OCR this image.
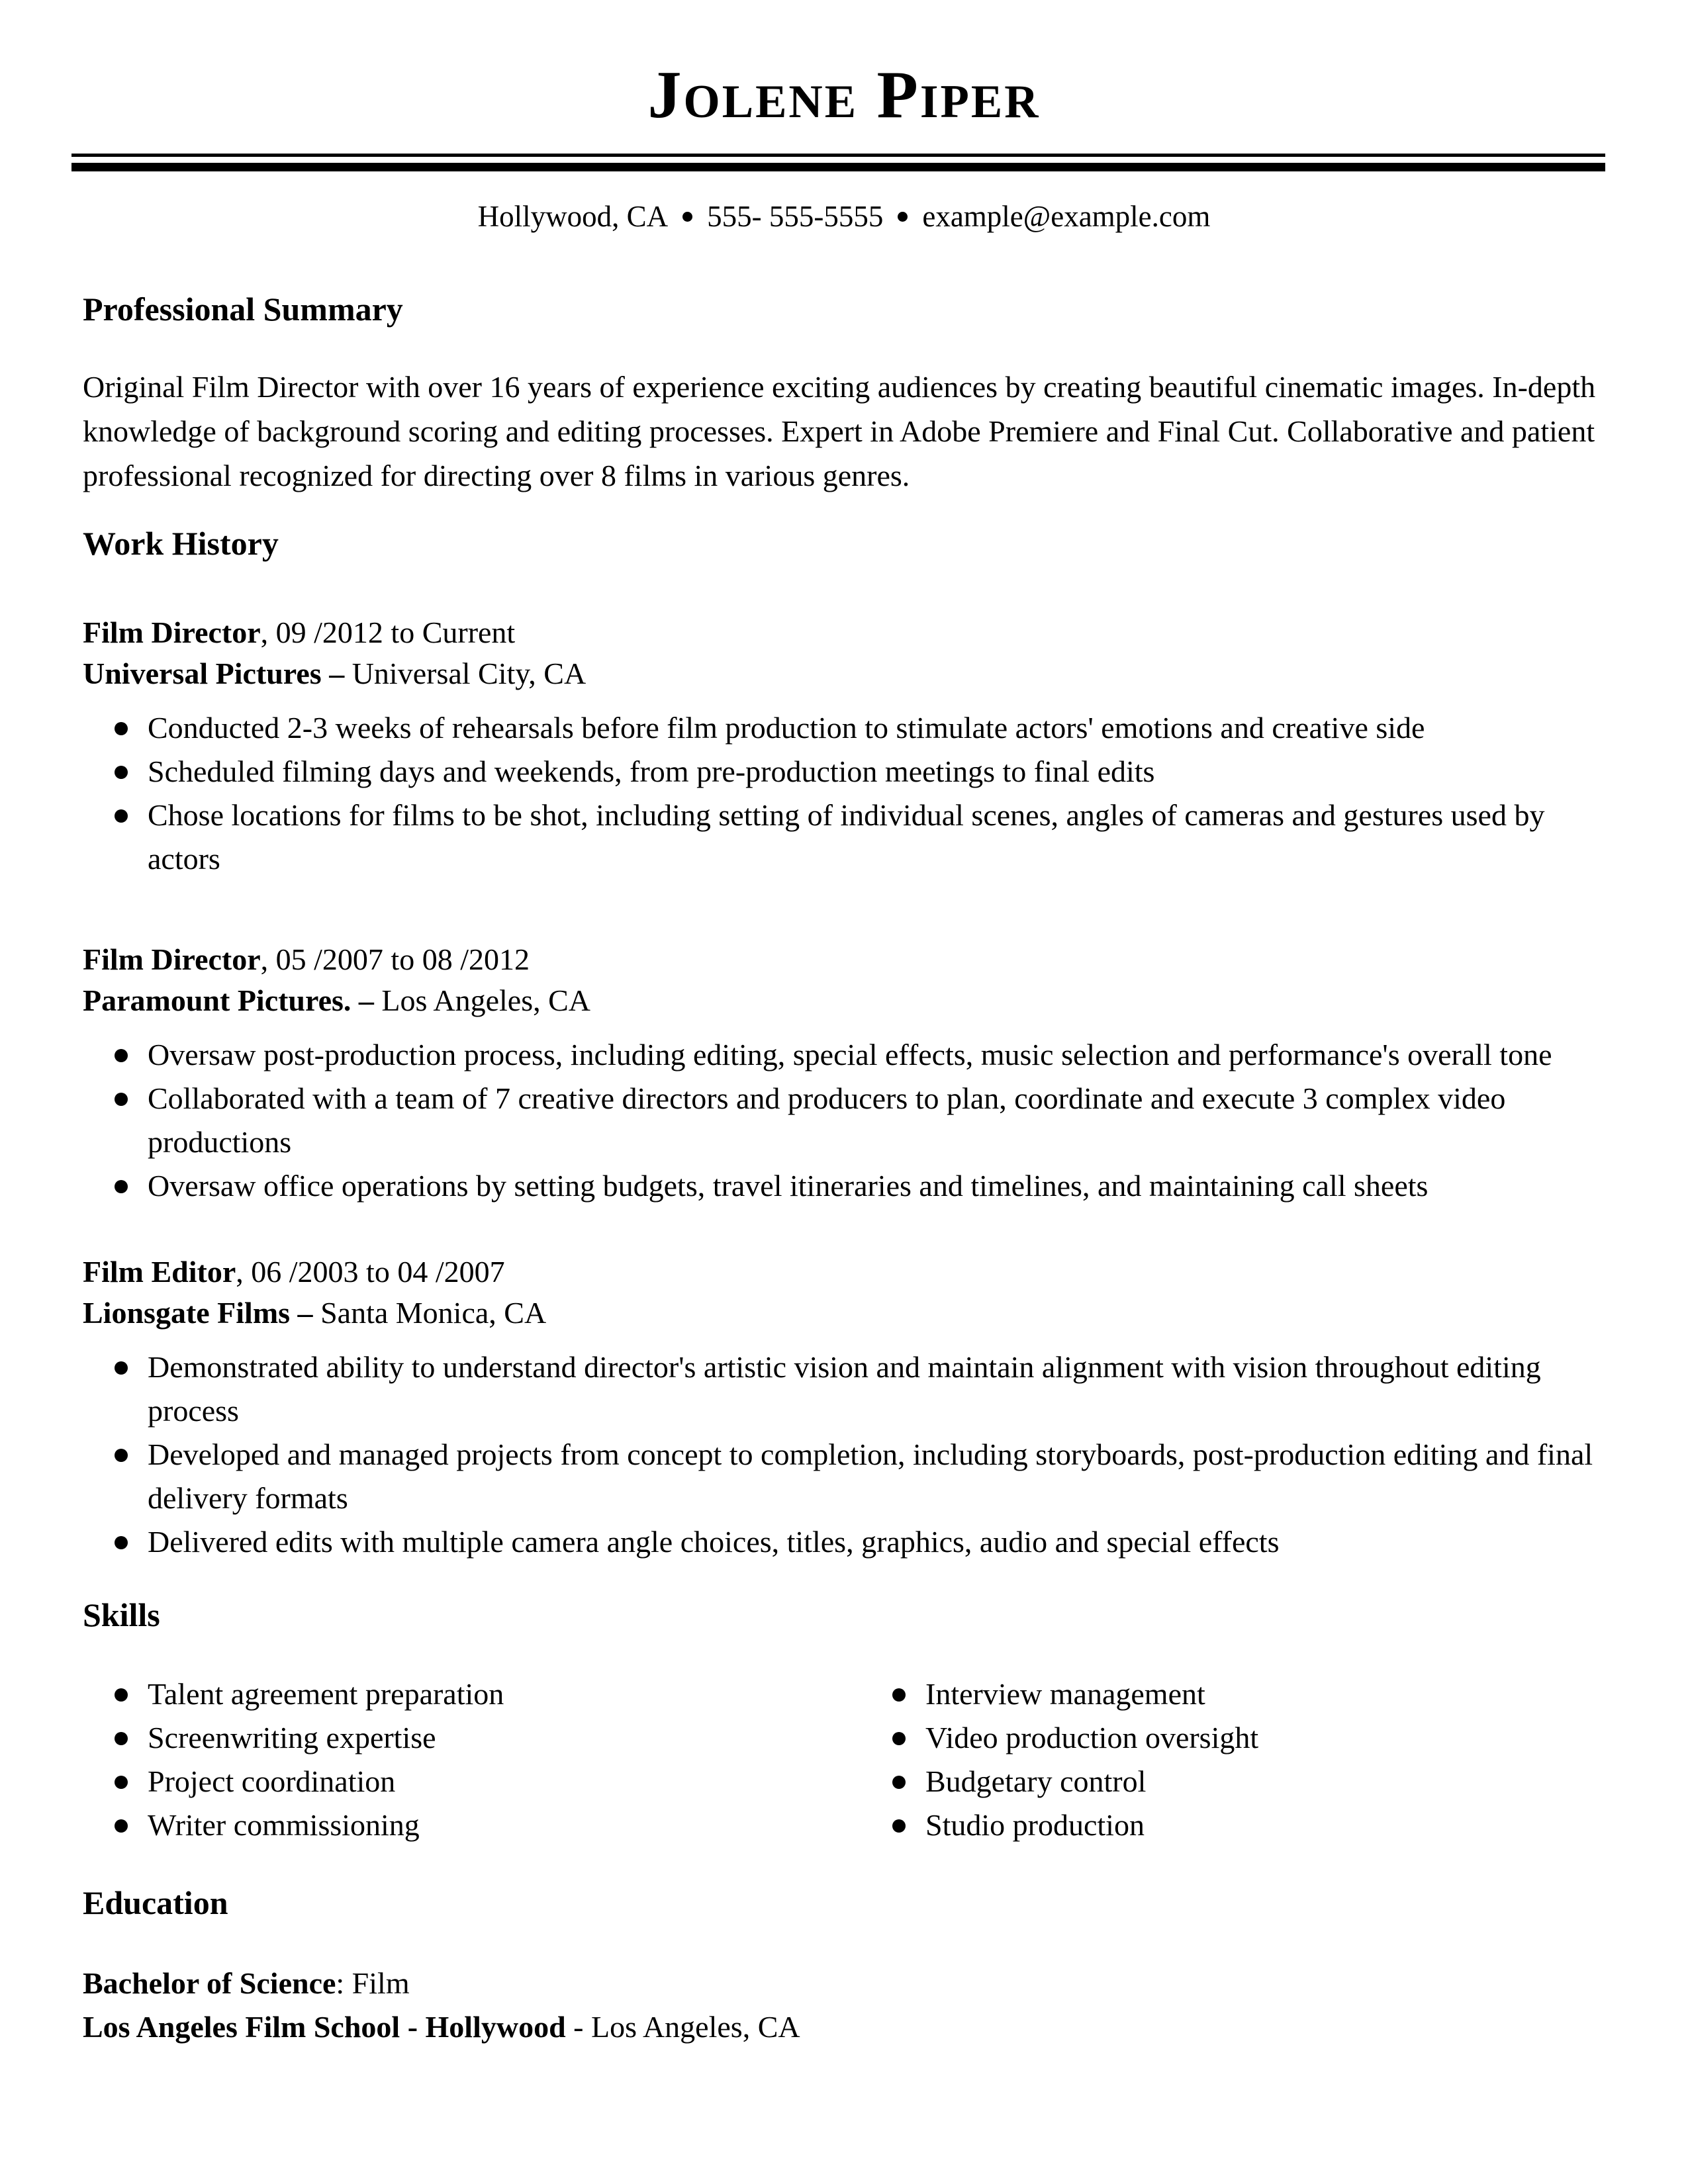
Jolene Piper
Hollywood, CA 555- 555-5555 example@example.com
Professional Summary

Original Film Director with over 16 years of experience exciting audiences by creating beautiful cinematic images. In-depth knowledge of background scoring and editing processes. Expert in Adobe Premiere and Final Cut. Collaborative and patient professional recognized for directing over 8 films in various genres.

Work History
Film Director, 09 /2012 to Current
Universal Pictures – Universal City, CA
Conducted 2-3 weeks of rehearsals before film production to stimulate actors' emotions and creative side
Scheduled filming days and weekends, from pre-production meetings to final edits
Chose locations for films to be shot, including setting of individual scenes, angles of cameras and gestures used by actors
Film Director, 05 /2007 to 08 /2012
Paramount Pictures. – Los Angeles, CA
Oversaw post-production process, including editing, special effects, music selection and performance's overall tone
Collaborated with a team of 7 creative directors and producers to plan, coordinate and execute 3 complex video productions
Oversaw office operations by setting budgets, travel itineraries and timelines, and maintaining call sheets
Film Editor, 06 /2003 to 04 /2007
Lionsgate Films – Santa Monica, CA
Demonstrated ability to understand director's artistic vision and maintain alignment with vision throughout editing process
Developed and managed projects from concept to completion, including storyboards, post-production editing and final delivery formats
Delivered edits with multiple camera angle choices, titles, graphics, audio and special effects
Skills
Talent agreement preparation
Screenwriting expertise
Project coordination
Writer commissioning
Interview management
Video production oversight
Budgetary control
Studio production
Education
Bachelor of Science: Film
Los Angeles Film School - Hollywood - Los Angeles, CA
